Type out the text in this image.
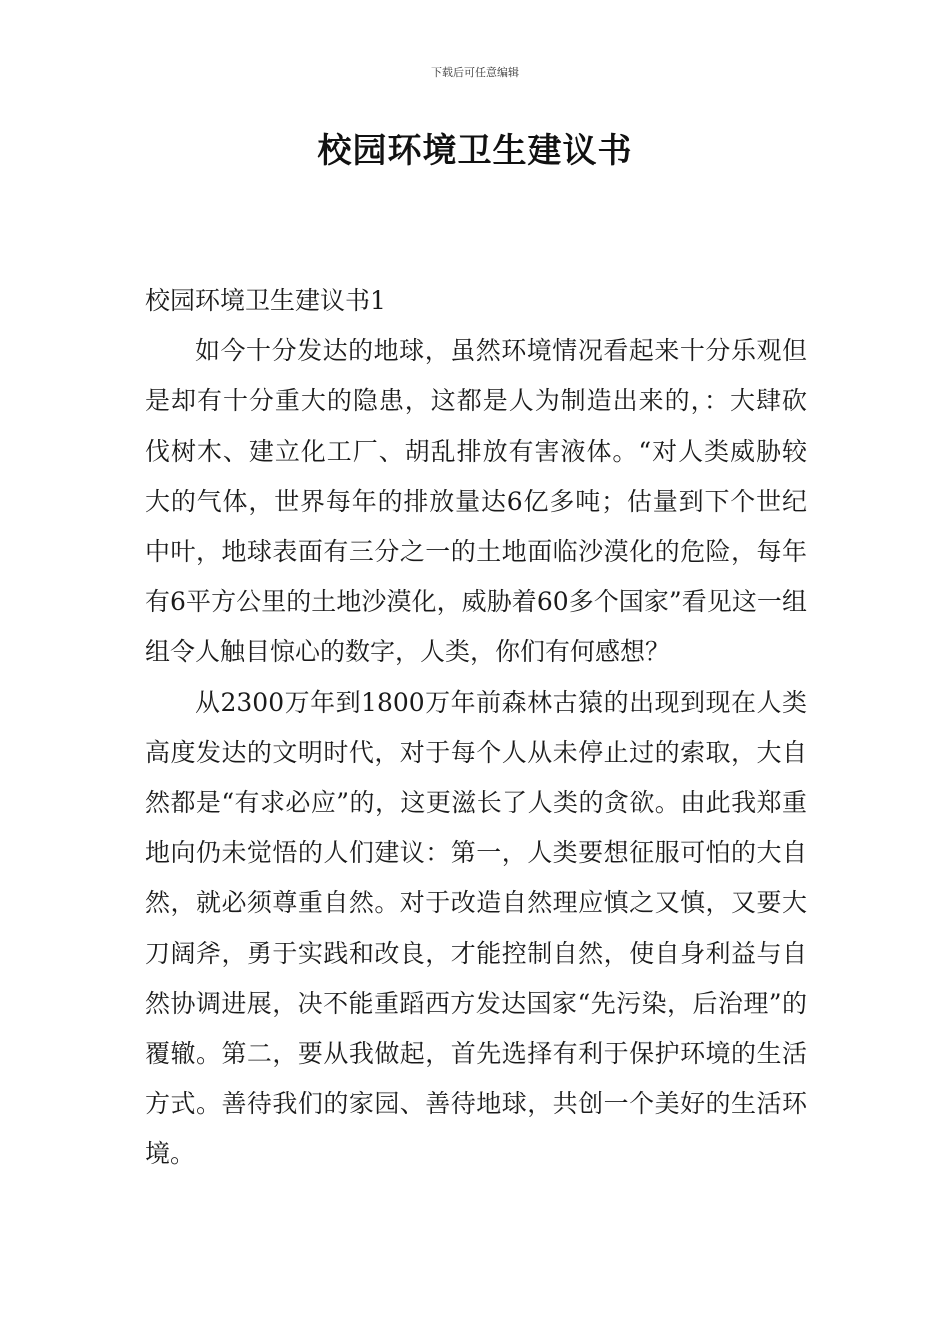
下载后可任意编辑
校园环境卫生建议书
校园环境卫生建议书1

如今十分发达的地球，虽然环境情况看起来十分乐观但是却有十分重大的隐患，这都是人为制造出来的，：大肆砍伐树木、建立化工厂、胡乱排放有害液体。“对人类威胁较大的气体，世界每年的排放量达6亿多吨；估量到下个世纪中叶，地球表面有三分之一的土地面临沙漠化的危险，每年有6平方公里的土地沙漠化，威胁着60多个国家”看见这一组组令人触目惊心的数字，人类，你们有何感想？

从2300万年到1800万年前森林古猿的出现到现在人类高度发达的文明时代，对于每个人从未停止过的索取，大自然都是“有求必应”的，这更滋长了人类的贪欲。由此我郑重地向仍未觉悟的人们建议：第一，人类要想征服可怕的大自然，就必须尊重自然。对于改造自然理应慎之又慎，又要大刀阔斧，勇于实践和改良，才能控制自然，使自身利益与自然协调进展，决不能重蹈西方发达国家“先污染，后治理”的覆辙。第二，要从我做起，首先选择有利于保护环境的生活方式。善待我们的家园、善待地球，共创一个美好的生活环境。
